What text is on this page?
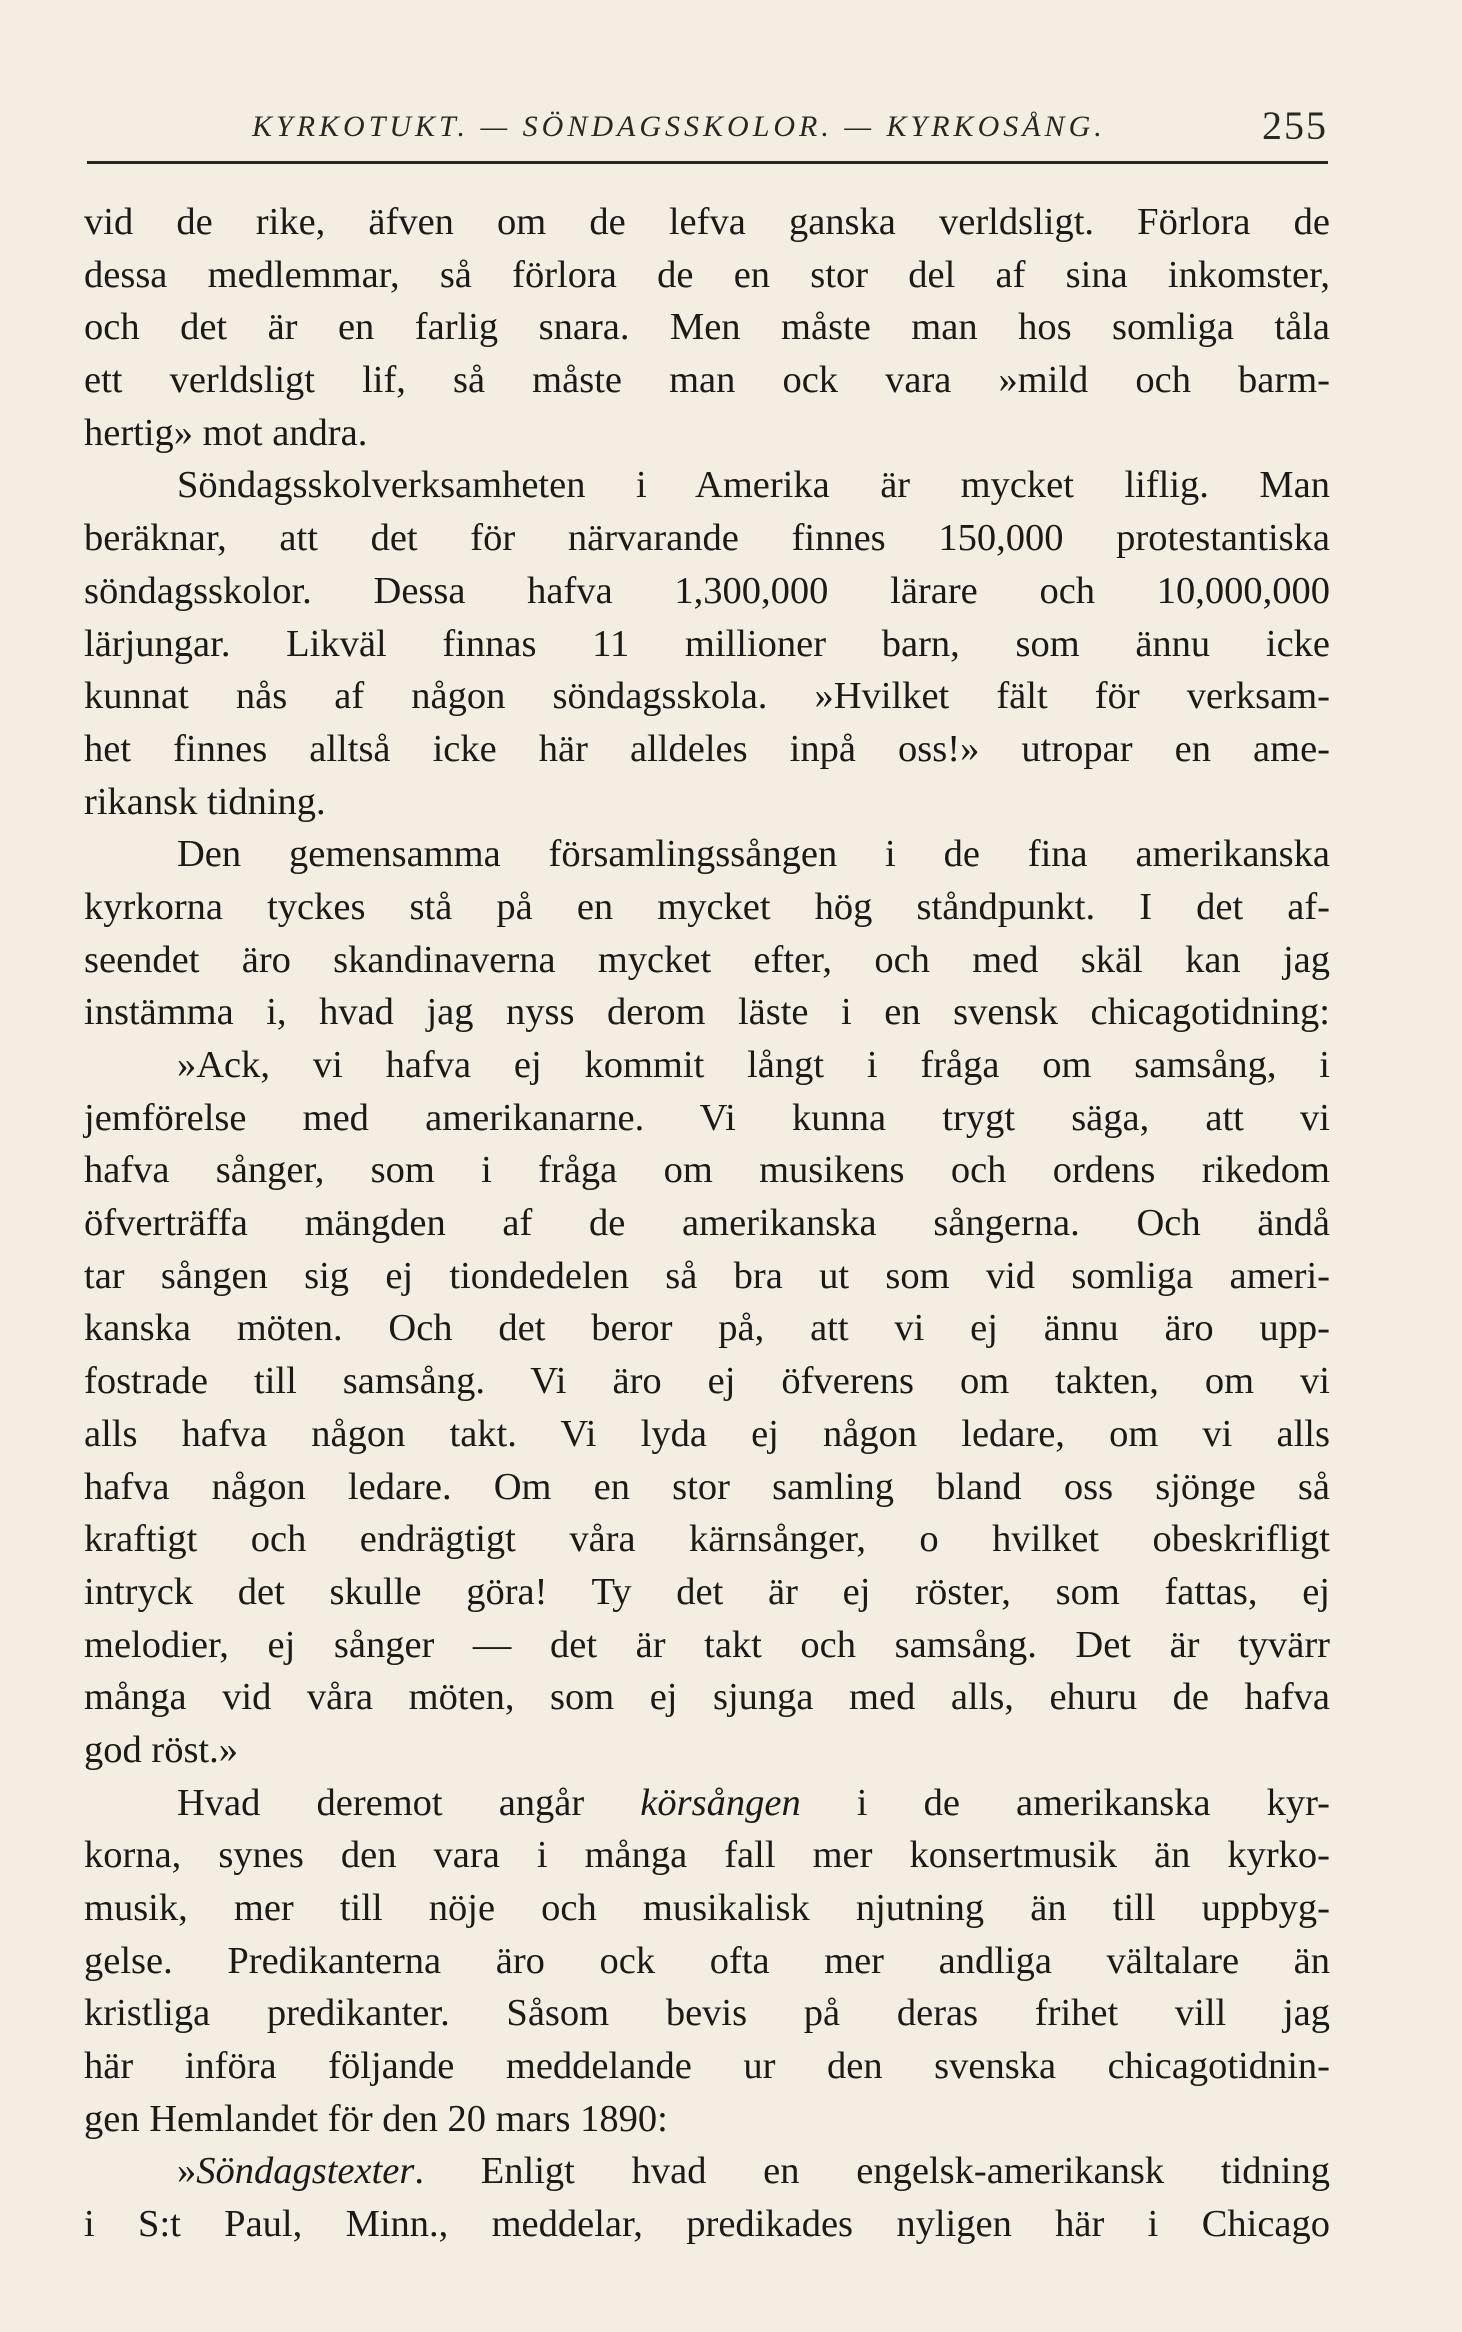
KYRKOTUKT. — SÖNDAGSSKOLOR. — KYRKOSÅNG.	255
vid de rike, äfven om de lefva ganska verldsligt. Förlora de
dessa medlemmar, så förlora de en stor del af sina inkomster,
och det är en farlig snara. Men måste man hos somliga tåla
ett verldsligt lif, så måste man ock vara »mild och barm-
hertig» mot andra.
Söndagsskolverksamheten i Amerika är mycket liflig. Man
beräknar, att det för närvarande finnes 150,000 protestantiska
söndagsskolor. Dessa hafva 1,300,000 lärare och 10,000,000
lärjungar. Likväl finnas 11 millioner barn, som ännu icke
kunnat nås af någon söndagsskola. »Hvilket fält för verksam-
het finnes alltså icke här alldeles inpå oss!» utropar en ame-
rikansk tidning.
Den gemensamma församlingssången i de fina amerikanska
kyrkorna tyckes stå på en mycket hög ståndpunkt. I det af-
seendet äro skandinaverna mycket efter, och med skäl kan jag
instämma i, hvad jag nyss derom läste i en svensk chicagotidning:
»Ack, vi hafva ej kommit långt i fråga om samsång, i
jemförelse med amerikanarne. Vi kunna trygt säga, att vi
hafva sånger, som i fråga om musikens och ordens rikedom
öfverträffa mängden af de amerikanska sångerna. Och ändå
tar sången sig ej tiondedelen så bra ut som vid somliga ameri-
kanska möten. Och det beror på, att vi ej ännu äro upp-
fostrade till samsång. Vi äro ej öfverens om takten, om vi
alls hafva någon takt. Vi lyda ej någon ledare, om vi alls
hafva någon ledare. Om en stor samling bland oss sjönge så
kraftigt och endrägtigt våra kärnsånger, o hvilket obeskrifligt
intryck det skulle göra! Ty det är ej röster, som fattas, ej
melodier, ej sånger — det är takt och samsång. Det är tyvärr
många vid våra möten, som ej sjunga med alls, ehuru de hafva
god röst.»
Hvad deremot angår körsången i de amerikanska kyr-
korna, synes den vara i många fall mer konsertmusik än kyrko-
musik, mer till nöje och musikalisk njutning än till uppbyg-
gelse. Predikanterna äro ock ofta mer andliga vältalare än
kristliga predikanter. Såsom bevis på deras frihet vill jag
här införa följande meddelande ur den svenska chicagotidnin-
gen Hemlandet för den 20 mars 1890:
»Söndagstexter. Enligt hvad en engelsk-amerikansk tidning
i S:t Paul, Minn., meddelar, predikades nyligen här i Chicago
